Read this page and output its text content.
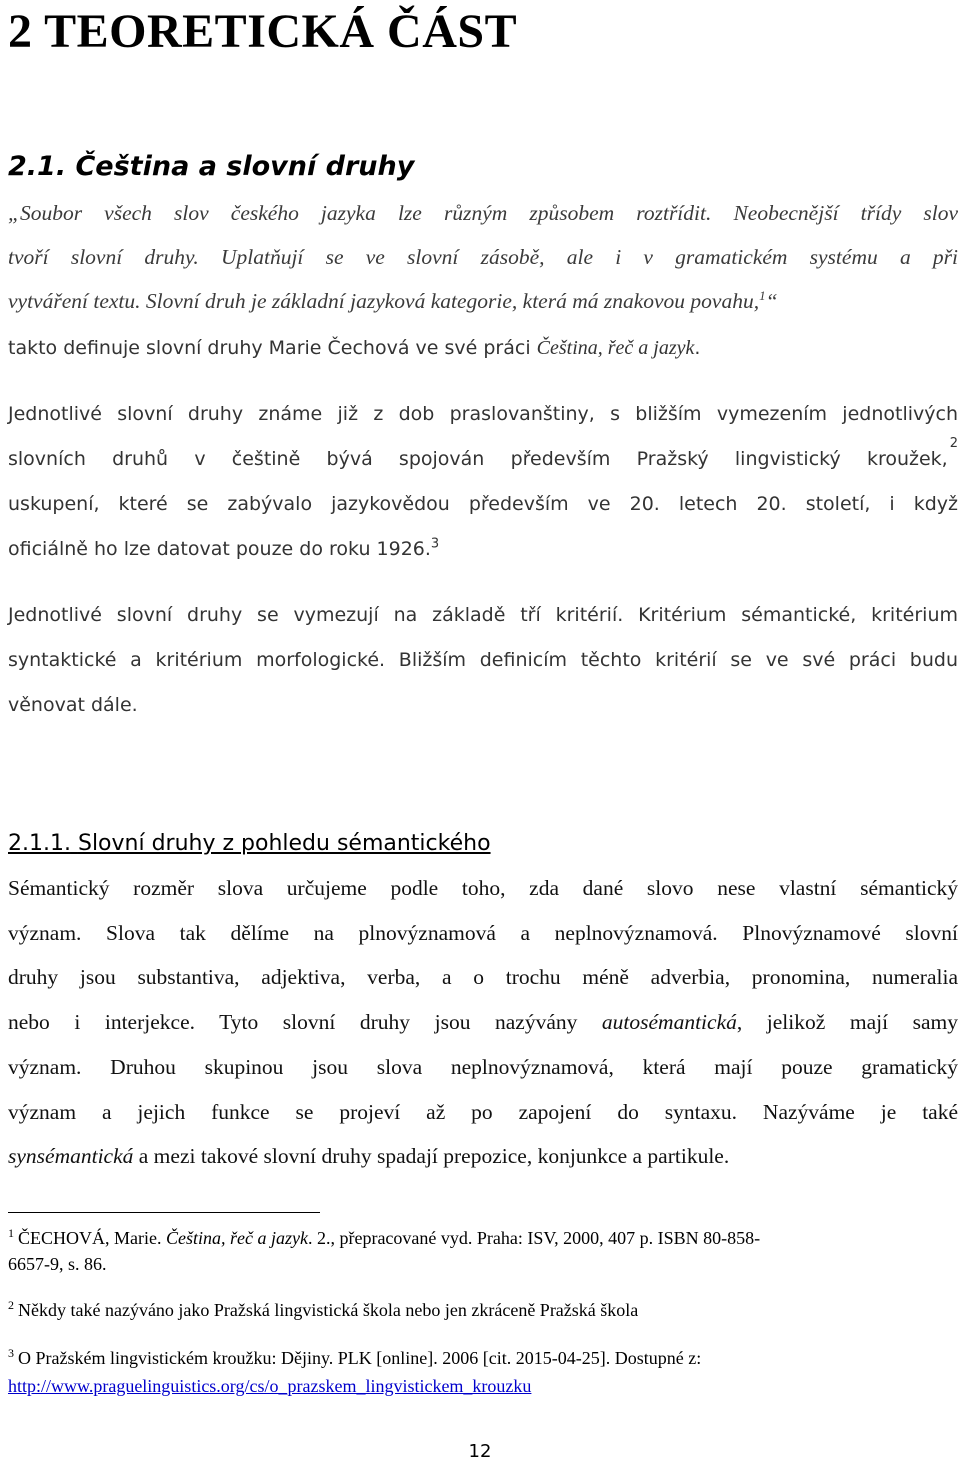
2 TEORETICKÁ ČÁST
2.1. Čeština a slovní druhy
„Soubor všech slov českého jazyka lze různým způsobem roztřídit. Neobecnější třídy slov
tvoří slovní druhy. Uplatňují se ve slovní zásobě, ale i v gramatickém systému a při
vytváření textu. Slovní druh je základní jazyková kategorie, která má znakovou povahu,$^1$“
takto definuje slovní druhy Marie Čechová ve své práci Čeština, řeč a jazyk.
Jednotlivé slovní druhy známe již z dob praslovanštiny, s bližším vymezením jednotlivých
slovních druhů v češtině bývá spojován především Pražský lingvistický kroužek,
2
uskupení, které se zabývalo jazykovědou především ve 20. letech 20. století, i když
oficiálně ho lze datovat pouze do roku 1926.$^3$
Jednotlivé slovní druhy se vymezují na základě tří kritérií. Kritérium sémantické, kritérium
syntaktické a kritérium morfologické. Bližším definicím těchto kritérií se ve své práci budu
věnovat dále.
2.1.1. Slovní druhy z pohledu sémantického
Sémantický rozměr slova určujeme podle toho, zda dané slovo nese vlastní sémantický
význam. Slova tak dělíme na plnovýznamová a neplnovýznamová. Plnovýznamové slovní
druhy jsou substantiva, adjektiva, verba, a o trochu méně adverbia, pronomina, numeralia
nebo i interjekce. Tyto slovní druhy jsou nazývány autosémantická, jelikož mají samy
význam. Druhou skupinou jsou slova neplnovýznamová, která mají pouze gramatický
význam a jejich funkce se projeví až po zapojení do syntaxu. Nazýváme je také
synsémantická a mezi takové slovní druhy spadají prepozice, konjunkce a partikule.
$^1$ ČECHOVÁ, Marie. Čeština, řeč a jazyk. 2., přepracované vyd. Praha: ISV, 2000, 407 p. ISBN 80-858-
6657-9, s. 86.
$^2$ Někdy také nazýváno jako Pražská lingvistická škola nebo jen zkráceně Pražská škola
$^3$ O Pražském lingvistickém kroužku: Dějiny. PLK [online]. 2006 [cit. 2015-04-25]. Dostupné z:
http://www.praguelinguistics.org/cs/o_prazskem_lingvistickem_krouzku
12
